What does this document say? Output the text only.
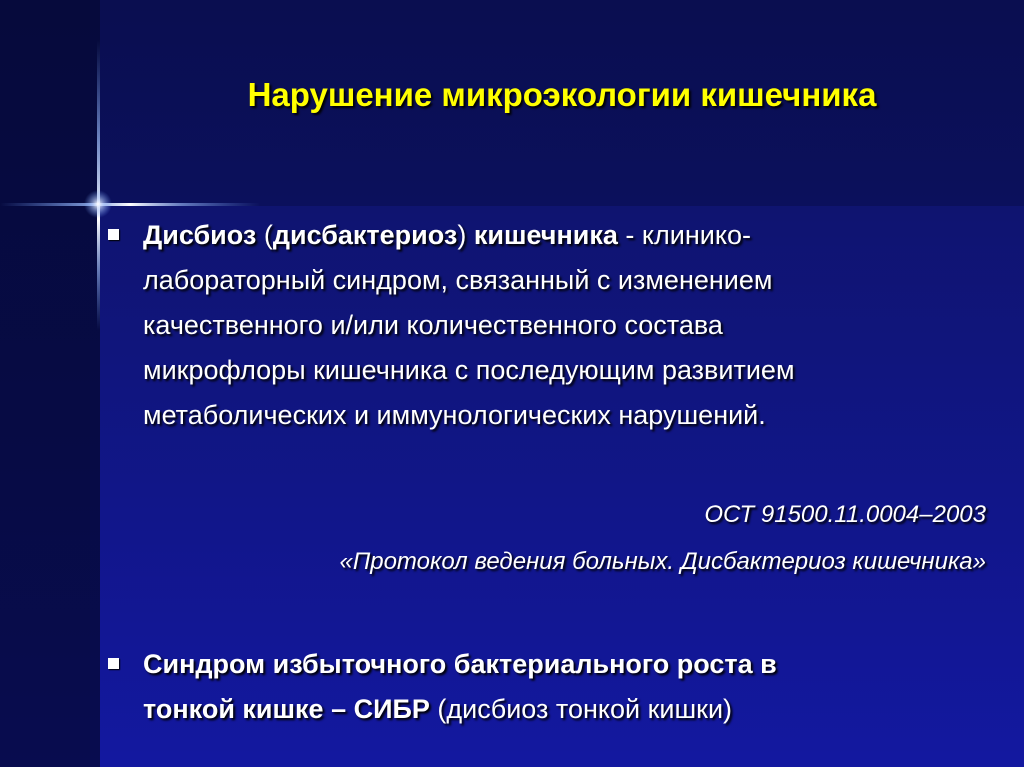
Нарушение микроэкологии кишечника
Дисбиоз (дисбактериоз) кишечника - клинико-
лабораторный синдром, связанный с изменением
качественного и/или количественного состава
микрофлоры кишечника с последующим развитием
метаболических и иммунологических нарушений.
ОСТ 91500.11.0004–2003
«Протокол ведения больных. Дисбактериоз кишечника»
Синдром избыточного бактериального роста в
тонкой кишке – СИБР (дисбиоз тонкой кишки)
